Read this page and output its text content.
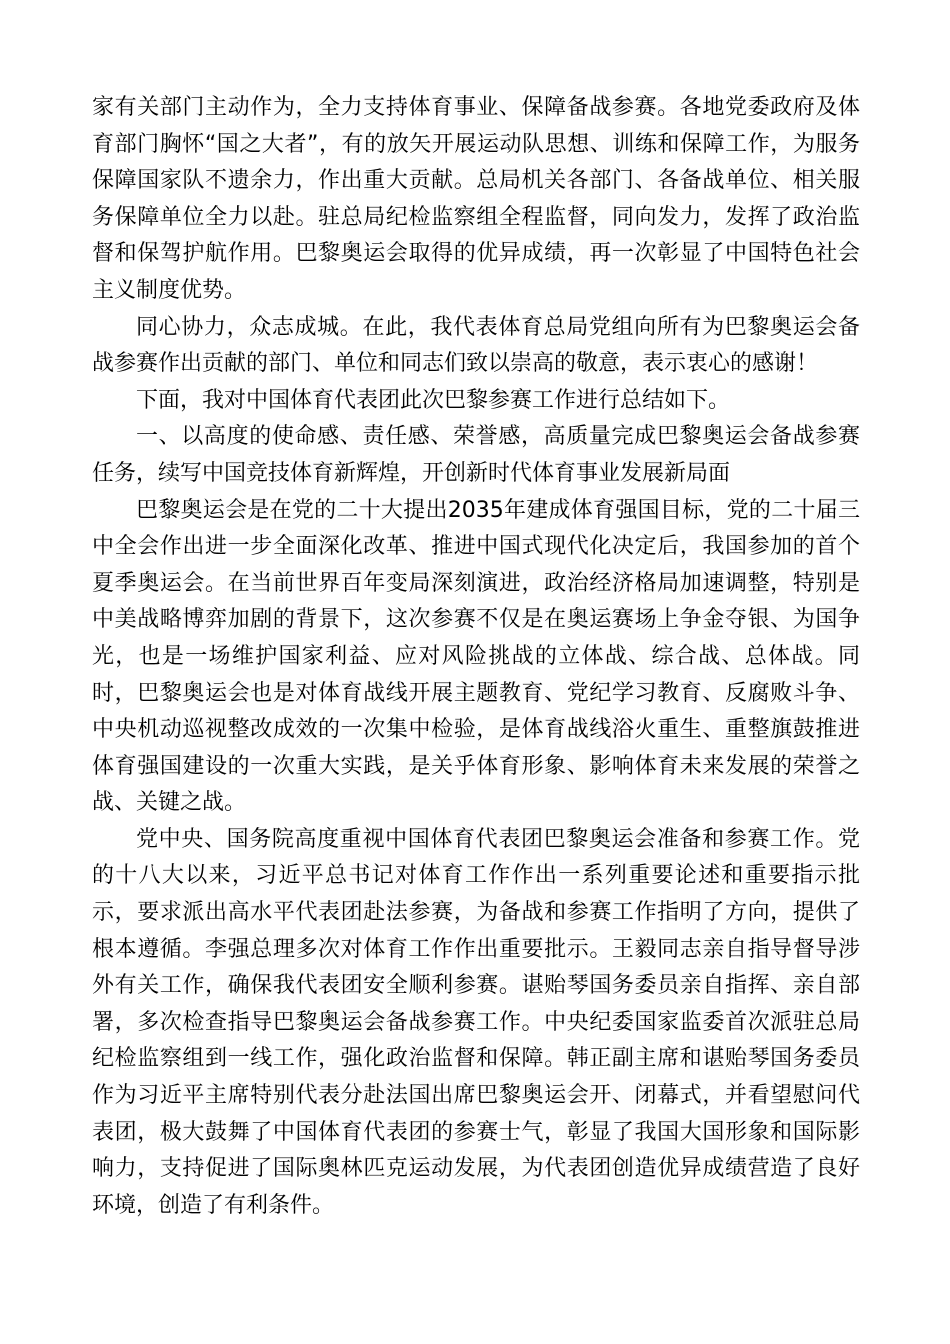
家有关部门主动作为，全力支持体育事业、保障备战参赛。各地党委政府及体育部门胸怀“国之大者”，有的放矢开展运动队思想、训练和保障工作，为服务保障国家队不遗余力，作出重大贡献。总局机关各部门、各备战单位、相关服务保障单位全力以赴。驻总局纪检监察组全程监督，同向发力，发挥了政治监督和保驾护航作用。巴黎奥运会取得的优异成绩，再一次彰显了中国特色社会主义制度优势。

同心协力，众志成城。在此，我代表体育总局党组向所有为巴黎奥运会备战参赛作出贡献的部门、单位和同志们致以崇高的敬意，表示衷心的感谢！

下面，我对中国体育代表团此次巴黎参赛工作进行总结如下。

一、以高度的使命感、责任感、荣誉感，高质量完成巴黎奥运会备战参赛任务，续写中国竞技体育新辉煌，开创新时代体育事业发展新局面

巴黎奥运会是在党的二十大提出2035年建成体育强国目标，党的二十届三中全会作出进一步全面深化改革、推进中国式现代化决定后，我国参加的首个夏季奥运会。在当前世界百年变局深刻演进，政治经济格局加速调整，特别是中美战略博弈加剧的背景下，这次参赛不仅是在奥运赛场上争金夺银、为国争光，也是一场维护国家利益、应对风险挑战的立体战、综合战、总体战。同时，巴黎奥运会也是对体育战线开展主题教育、党纪学习教育、反腐败斗争、中央机动巡视整改成效的一次集中检验，是体育战线浴火重生、重整旗鼓推进体育强国建设的一次重大实践，是关乎体育形象、影响体育未来发展的荣誉之战、关键之战。

党中央、国务院高度重视中国体育代表团巴黎奥运会准备和参赛工作。党的十八大以来，习近平总书记对体育工作作出一系列重要论述和重要指示批示，要求派出高水平代表团赴法参赛，为备战和参赛工作指明了方向，提供了根本遵循。李强总理多次对体育工作作出重要批示。王毅同志亲自指导督导涉外有关工作，确保我代表团安全顺利参赛。谌贻琴国务委员亲自指挥、亲自部署，多次检查指导巴黎奥运会备战参赛工作。中央纪委国家监委首次派驻总局纪检监察组到一线工作，强化政治监督和保障。韩正副主席和谌贻琴国务委员作为习近平主席特别代表分赴法国出席巴黎奥运会开、闭幕式，并看望慰问代表团，极大鼓舞了中国体育代表团的参赛士气，彰显了我国大国形象和国际影响力，支持促进了国际奥林匹克运动发展，为代表团创造优异成绩营造了良好环境，创造了有利条件。
